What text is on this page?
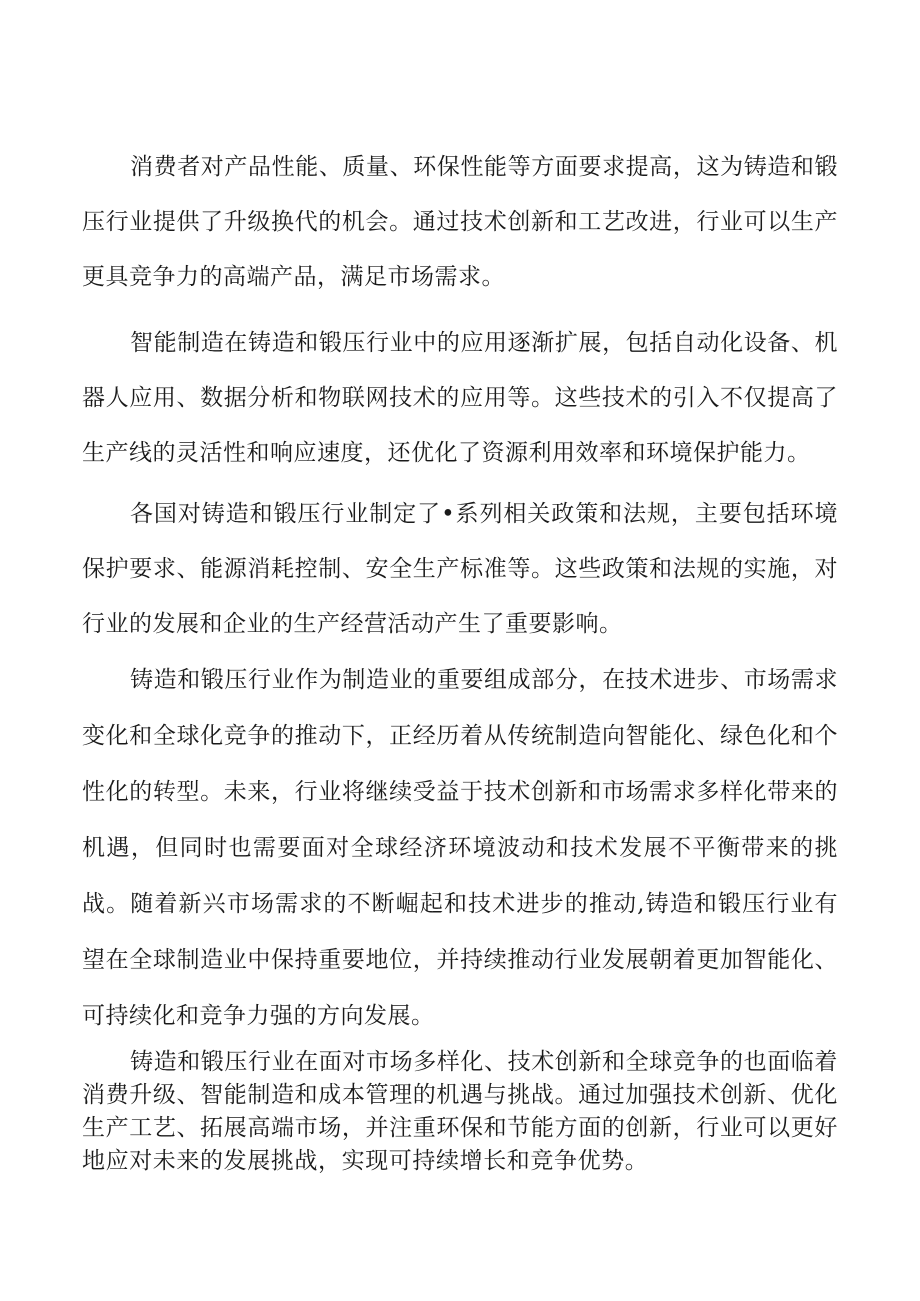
消费者对产品性能、质量、环保性能等方面要求提高，这为铸造和锻压行业提供了升级换代的机会。通过技术创新和工艺改进，行业可以生产更具竞争力的高端产品，满足市场需求。

智能制造在铸造和锻压行业中的应用逐渐扩展，包括自动化设备、机器人应用、数据分析和物联网技术的应用等。这些技术的引入不仅提高了生产线的灵活性和响应速度，还优化了资源利用效率和环境保护能力。

各国对铸造和锻压行业制定了•系列相关政策和法规，主要包括环境保护要求、能源消耗控制、安全生产标准等。这些政策和法规的实施，对行业的发展和企业的生产经营活动产生了重要影响。

铸造和锻压行业作为制造业的重要组成部分，在技术进步、市场需求变化和全球化竞争的推动下，正经历着从传统制造向智能化、绿色化和个性化的转型。未来，行业将继续受益于技术创新和市场需求多样化带来的机遇，但同时也需要面对全球经济环境波动和技术发展不平衡带来的挑战。随着新兴市场需求的不断崛起和技术进步的推动,铸造和锻压行业有望在全球制造业中保持重要地位，并持续推动行业发展朝着更加智能化、可持续化和竞争力强的方向发展。

铸造和锻压行业在面对市场多样化、技术创新和全球竞争的也面临着消费升级、智能制造和成本管理的机遇与挑战。通过加强技术创新、优化生产工艺、拓展高端市场，并注重环保和节能方面的创新，行业可以更好地应对未来的发展挑战，实现可持续增长和竞争优势。
